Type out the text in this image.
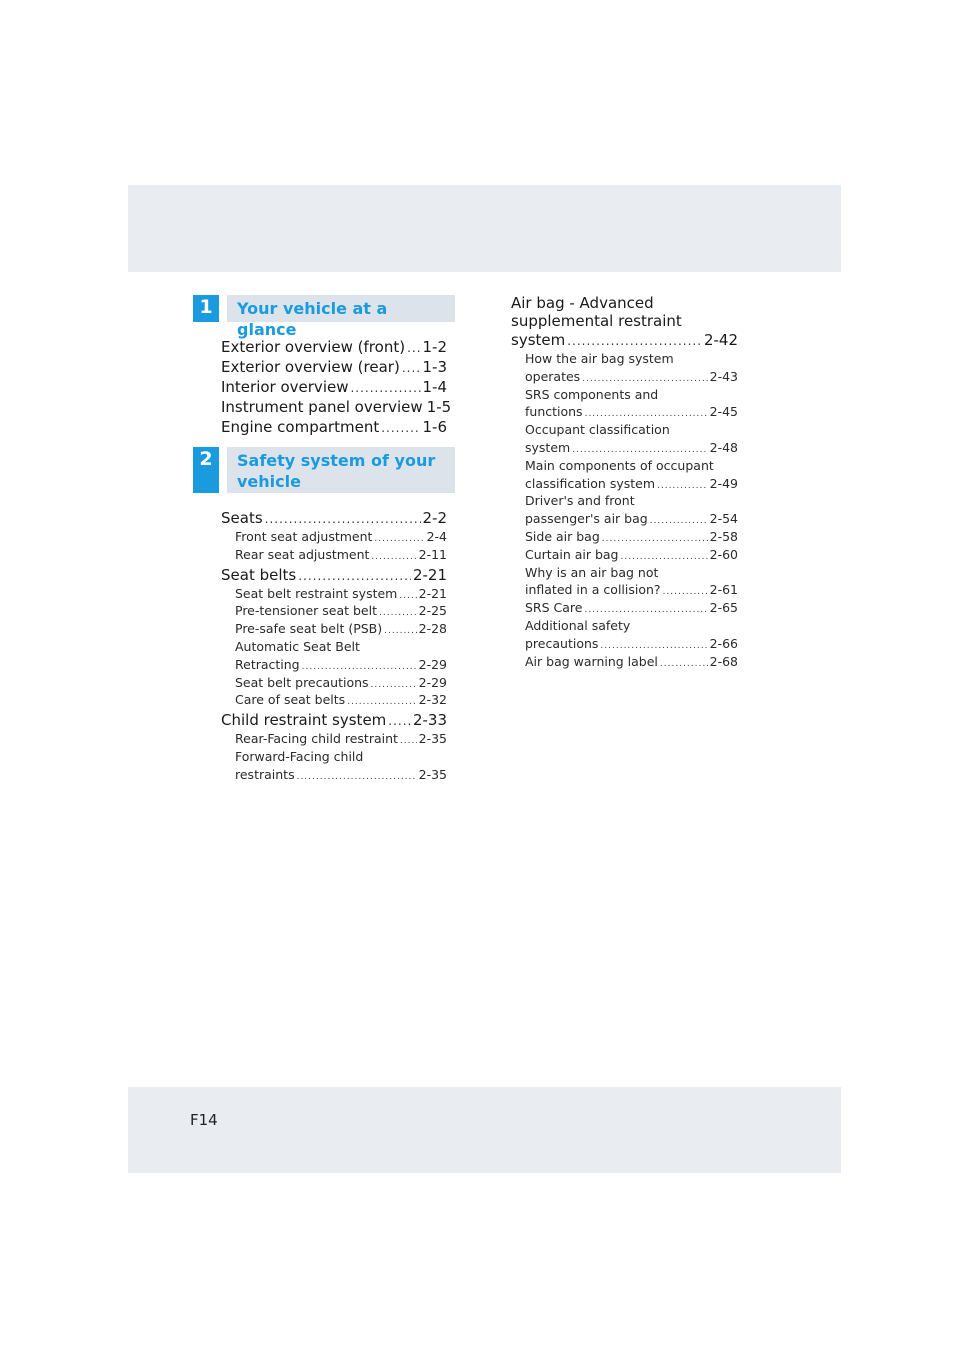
F14
1	Your vehicle at a glance
Exterior overview (front) ..... 1-2
Exterior overview (rear) ..... 1-3
Interior overview .....	1-4
Instrument panel overview 1-5
Engine compartment .....	1-6
2	Safety system of your
vehicle
Seats .....	2-2
Front seat adjustment .....	2-4
Rear seat adjustment .....	2-11
Seat belts .....	2-21
Seat belt restraint system ..... 2-21
Pre-tensioner seat belt .....	2-25
Pre-safe seat belt (PSB) .....	2-28
Automatic Seat Belt
Retracting .....	2-29
Seat belt precautions .....	2-29
Care of seat belts .....	2-32
Child restraint system ..... 2-33
Rear-Facing child restraint ..... 2-35
Forward-Facing child
restraints .....	2-35
Air bag - Advanced
supplemental restraint
system .....	2-42
How the air bag system
operates .....	2-43
SRS components and
functions .....	2-45
Occupant classification
system .....	2-48
Main components of occupant
classification system .....	2-49
Driver's and front
passenger's air bag .....	2-54
Side air bag .....	2-58
Curtain air bag .....	2-60
Why is an air bag not
inflated in a collision? .....	2-61
SRS Care .....	2-65
Additional safety
precautions .....	2-66
Air bag warning label .....	2-68
